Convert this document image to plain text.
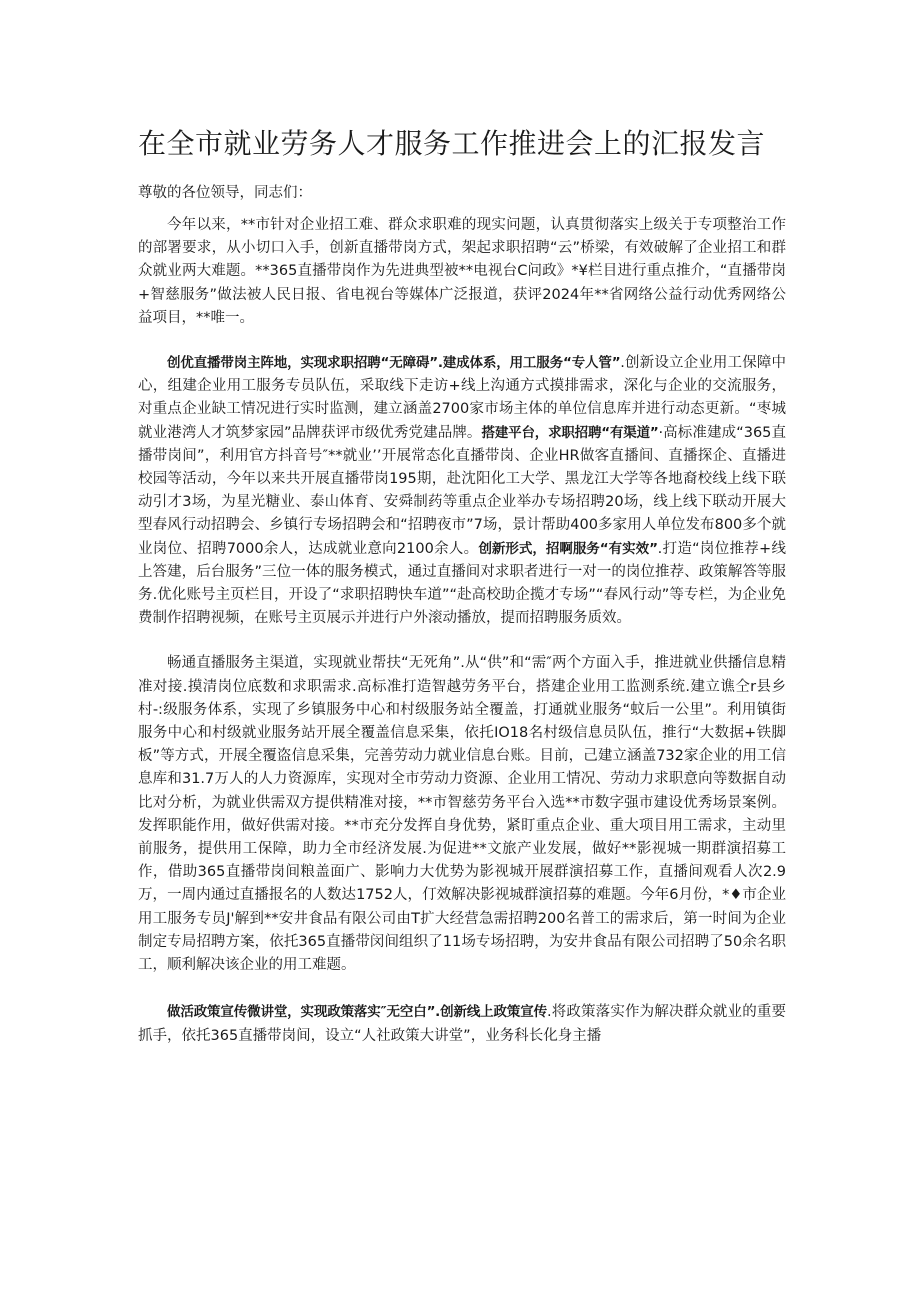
在全市就业劳务人才服务工作推进会上的汇报发言

尊敬的各位领导，同志们：

今年以来，**市针对企业招工难、群众求职难的现实问题，认真贯彻落实上级关于专项整治工作的部署要求，从小切口入手，创新直播带岗方式，架起求职招聘“云”桥梁，有效破解了企业招工和群众就业两大难题。**365直播带岗作为先进典型被**电视台C问政》*¥栏目进行重点推介，“直播带岗+智慈服务”做法被人民日报、省电视台等媒体广泛报道，获评2024年**省网络公益行动优秀网络公益项目，**唯一。

创优直播带岗主阵地，实现求职招聘“无障碍”.建成体系，用工服务“专人管”.创新设立企业用工保障中心，组建企业用工服务专员队伍，采取线下走访+线上沟通方式摸排需求，深化与企业的交流服务，对重点企业缺工情况进行实时监测，建立涵盖2700家市场主体的单位信息库并进行动态更新。“枣城就业港湾人才筑梦家园”品牌获评市级优秀党建品牌。搭建平台，求职招聘“有渠道”·高标准建成“365直播带岗间”，利用官方抖音号″**就业’’开展常态化直播带岗、企业HR做客直播间、直播探企、直播进校园等活动，今年以来共开展直播带岗195期，赴沈阳化工大学、黑龙江大学等各地裔校线上线下联动引才3场，为星光糖业、泰山体育、安舜制药等重点企业举办专场招聘20场，线上线下联动开展大型春风行动招聘会、乡镇行专场招聘会和“招聘夜市”7场，景计帮助400多家用人单位发布800多个就业岗位、招聘7000余人，达成就业意向2100余人。创新形式，招啊服务“有实效”.打造“岗位推荐+线上答建，后台服务”三位一体的服务模式，通过直播间对求职者进行一对一的岗位推荐、政策解答等服务.优化账号主页栏目，开设了“求职招聘快车道”“赴高校助企揽才专场”“春风行动”等专栏，为企业免费制作招聘视频，在账号主页展示并进行户外滚动播放，提而招聘服务质效。

畅通直播服务主渠道，实现就业帮扶“无死角”.从“供”和“需″两个方面入手，推进就业供播信息精准对接.摸清岗位底数和求职需求.高标准打造智越劳务平台，搭建企业用工监测系统.建立谯仝r县乡村-:级服务体系，实现了乡镇服务中心和村级服务站全覆盖，打通就业服务“蚊后一公里”。利用镇街服务中心和村级就业服务站开展全覆盖信息采集，依托IO18名村级信息员队伍，推行“大数据+铁脚板”等方式，开展全覆盗信息采集，完善劳动力就业信息台账。目前，己建立涵盖732家企业的用工信息库和31.7万人的人力资源库，实现对全市劳动力资源、企业用工情况、劳动力求职意向等数据自动比对分析，为就业供需双方提供精准对接，**市智慈劳务平台入选**市数字强市建设优秀场景案例。发挥职能作用，做好供需对接。**市充分发挥自身优势，紧盯重点企业、重大项目用工需求，主动里前服务，提供用工保障，助力全市经济发展.为促进**文旅产业发展，做好**影视城一期群演招募工作，借助365直播带岗间粮盖面广、影响力大优势为影视城开展群演招募工作，直播间观看人次2.9万，一周内通过直播报名的人数达1752人，仃效解决影视城群演招募的难题。今年6月份，*♦市企业用工服务专员J'解到**安井食品有限公司由T扩大经营急需招聘200名普工的需求后，第一时间为企业制定专局招聘方案，依托365直播带闵间组织了11场专场招聘，为安井食品有限公司招聘了50余名职工，顺利解决该企业的用工难题。

做活政策宣传微讲堂，实现政策落实″无空白”.创新线上政策宣传.将政策落实作为解决群众就业的重要抓手，依托365直播带岗间，设立“人社政策大讲堂”，业务科长化身主播
